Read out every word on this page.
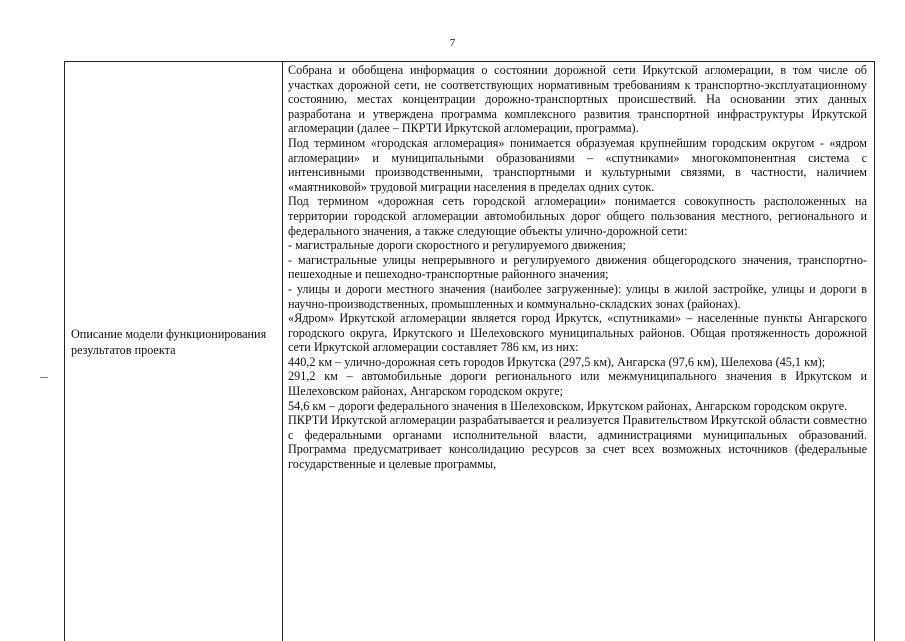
7
Описание модели функционирования результатов проекта

Собрана и обобщена информация о состоянии дорожной сети Иркутской агломерации, в том числе об участках дорожной сети, не соответствующих нормативным требованиям к транспортно-эксплуатационному состоянию, местах концентрации дорожно-транспортных происшествий. На основании этих данных разработана и утверждена программа комплексного развития транспортной инфраструктуры Иркутской агломерации (далее – ПКРТИ Иркутской агломерации, программа).

Под термином «городская агломерация» понимается образуемая крупнейшим городским округом - «ядром агломерации» и муниципальными образованиями – «спутниками» многокомпонентная система с интенсивными производственными, транспортными и культурными связями, в частности, наличием «маятниковой» трудовой миграции населения в пределах одних суток.

Под термином «дорожная сеть городской агломерации» понимается совокупность расположенных на территории городской агломерации автомобильных дорог общего пользования местного, регионального и федерального значения, а также следующие объекты улично-дорожной сети:

- магистральные дороги скоростного и регулируемого движения;

- магистральные улицы непрерывного и регулируемого движения общегородского значения, транспортно-пешеходные и пешеходно-транспортные районного значения;

- улицы и дороги местного значения (наиболее загруженные): улицы в жилой застройке, улицы и дороги в научно-производственных, промышленных и коммунально-складских зонах (районах).

«Ядром» Иркутской агломерации является город Иркутск, «спутниками» – населенные пункты Ангарского городского округа, Иркутского и Шелеховского муниципальных районов. Общая протяженность дорожной сети Иркутской агломерации составляет 786 км, из них:

440,2 км – улично-дорожная сеть городов Иркутска (297,5 км), Ангарска (97,6 км), Шелехова (45,1 км);

291,2 км – автомобильные дороги регионального или межмуниципального значения в Иркутском и Шелеховском районах, Ангарском городском округе;

54,6 км – дороги федерального значения в Шелеховском, Иркутском районах, Ангарском городском округе.

ПКРТИ Иркутской агломерации разрабатывается и реализуется Правительством Иркутской области совместно с федеральными органами исполнительной власти, администрациями муниципальных образований. Программа предусматривает консолидацию ресурсов за счет всех возможных источников (федеральные государственные и целевые программы,
